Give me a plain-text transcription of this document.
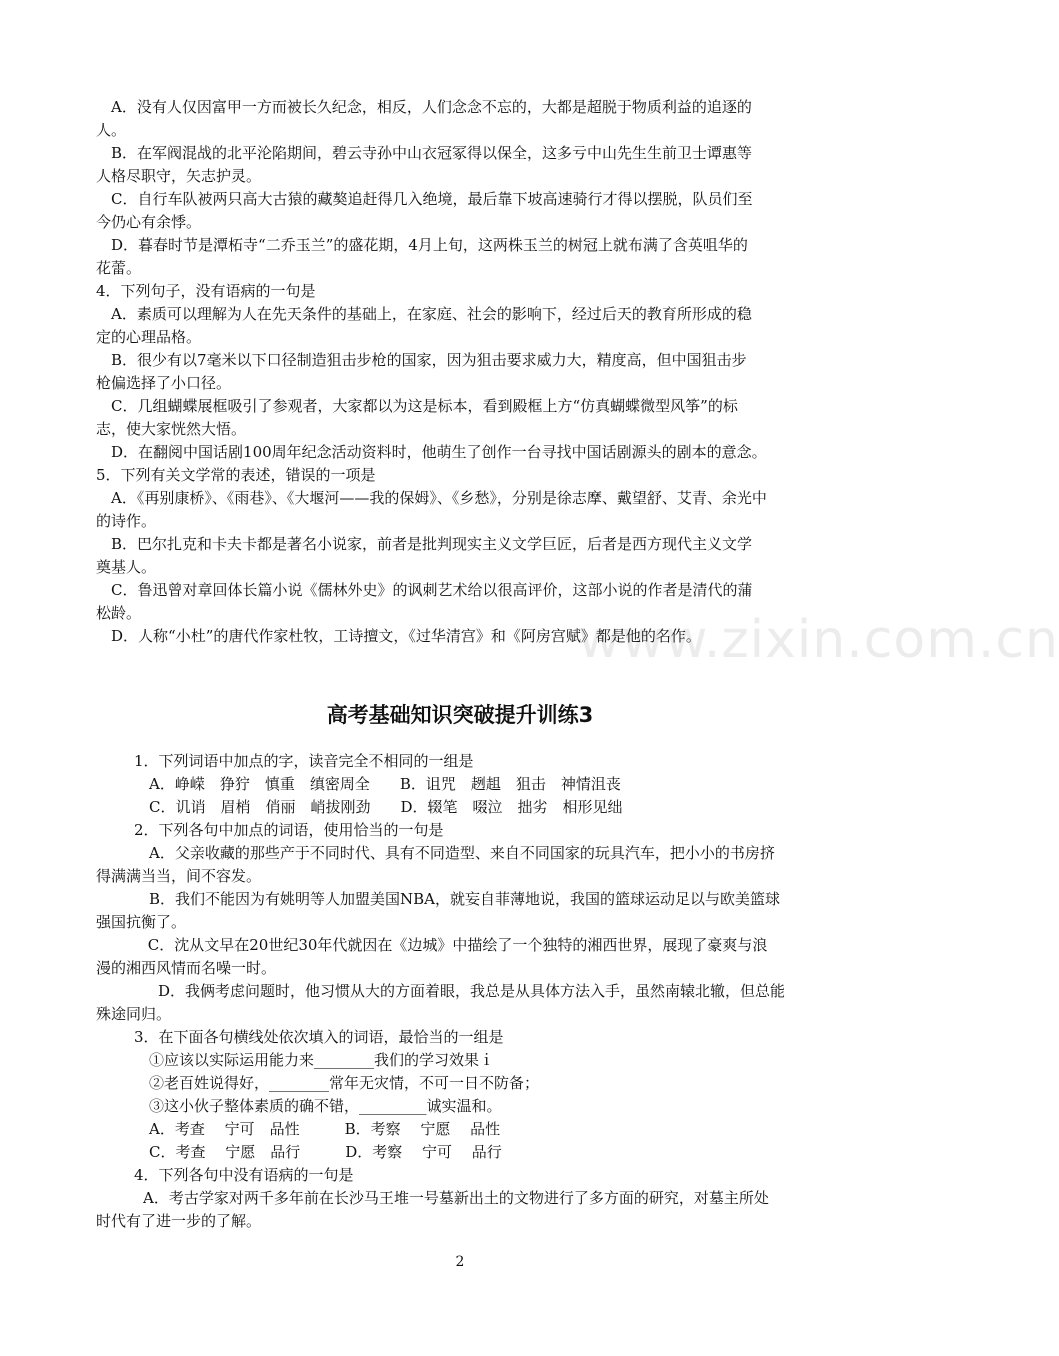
www.zixin.com.cn
　A．没有人仅因富甲一方而被长久纪念，相反，人们念念不忘的，大都是超脱于物质利益的追逐的
人。
　B．在军阀混战的北平沦陷期间，碧云寺孙中山衣冠冢得以保全，这多亏中山先生生前卫士谭惠等
人格尽职守，矢志护灵。
　C．自行车队被两只高大古猿的藏獒追赶得几入绝境，最后靠下坡高速骑行才得以摆脱，队员们至
今仍心有余悸。
　D．暮春时节是潭柘寺“二乔玉兰”的盛花期，4月上旬，这两株玉兰的树冠上就布满了含英咀华的
花蕾。
4．下列句子，没有语病的一句是
　A．素质可以理解为人在先天条件的基础上，在家庭、社会的影响下，经过后天的教育所形成的稳
定的心理品格。
　B．很少有以7毫米以下口径制造狙击步枪的国家，因为狙击要求威力大，精度高，但中国狙击步
枪偏选择了小口径。
　C．几组蝴蝶展框吸引了参观者，大家都以为这是标本，看到殿框上方“仿真蝴蝶微型风筝”的标
志，使大家恍然大悟。
　D．在翻阅中国话剧100周年纪念活动资料时，他萌生了创作一台寻找中国话剧源头的剧本的意念。
5．下列有关文学常的表述，错误的一项是
　A．《再别康桥》、《雨巷》、《大堰河——我的保姆》、《乡愁》，分别是徐志摩、戴望舒、艾青、余光中
的诗作。
　B．巴尔扎克和卡夫卡都是著名小说家，前者是批判现实主义文学巨匠，后者是西方现代主义文学
奠基人。
　C．鲁迅曾对章回体长篇小说《儒林外史》的讽刺艺术给以很高评价，这部小说的作者是清代的蒲
松龄。
　D．人称“小杜”的唐代作家杜牧，工诗擅文，《过华清宫》和《阿房宫赋》都是他的名作。
高考基础知识突破提升训练3
1．下列词语中加点的字，读音完全不相同的一组是
　A．峥嵘　狰狞　慎重　缜密周全　　B．诅咒　趔趄　狙击　神情沮丧
　C．讥诮　眉梢　俏丽　峭拔刚劲　　D．辍笔　啜泣　拙劣　相形见绌
2．下列各句中加点的词语，使用恰当的一句是
　A．父亲收藏的那些产于不同时代、具有不同造型、来自不同国家的玩具汽车，把小小的书房挤
得满满当当，间不容发。
　B．我们不能因为有姚明等人加盟美国NBA，就妄自菲薄地说，我国的篮球运动足以与欧美篮球
强国抗衡了。
　 C．沈从文早在20世纪30年代就因在《边城》中描绘了一个独特的湘西世界，展现了豪爽与浪
漫的湘西风情而名噪一时。
　　D．我俩考虑问题时，他习惯从大的方面着眼，我总是从具体方法入手，虽然南辕北辙，但总能
殊途同归。
3．在下面各句横线处依次填入的词语，最恰当的一组是
　①应该以实际运用能力来________我们的学习效果ｉ
　②老百姓说得好，________常年无灾情，不可一日不防备；
　③这小伙子整体素质的确不错，_________诚实温和。
　A．考查　 宁可　品性　　　B．考察　 宁愿　 品性
　C．考查　 宁愿　品行　　　D．考察　 宁可　 品行
4．下列各句中没有语病的一句是
　A．考古学家对两千多年前在长沙马王堆一号墓新出土的文物进行了多方面的研究，对墓主所处
时代有了进一步的了解。
2
